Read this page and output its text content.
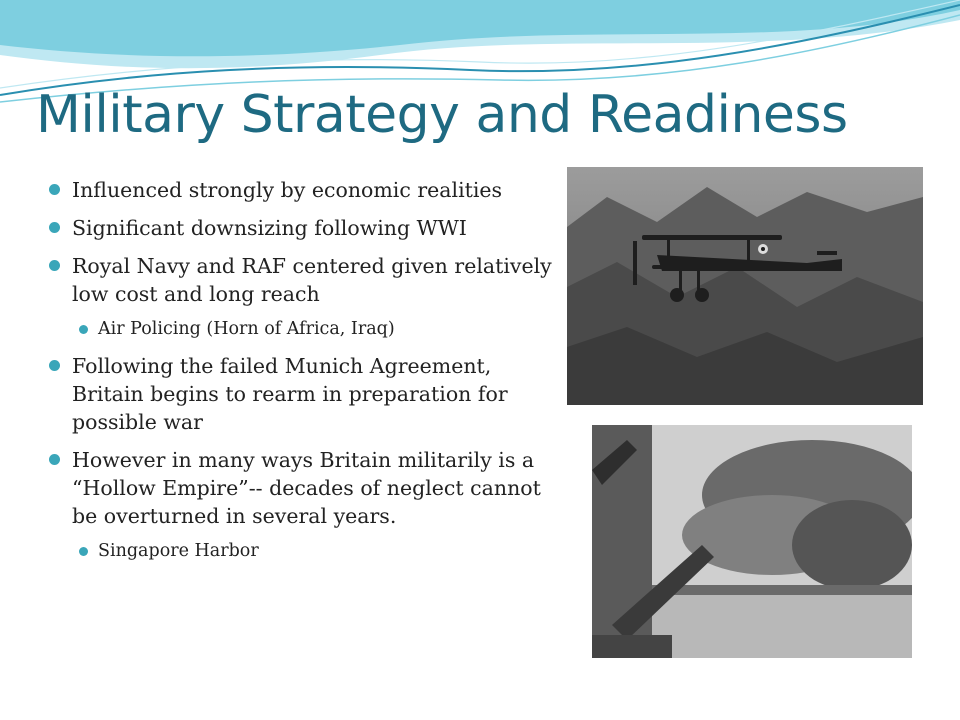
Military Strategy and Readiness
Influenced strongly by economic realities
Significant downsizing following WWI
Royal Navy and RAF centered given relatively low cost and long reach
Air Policing (Horn of Africa, Iraq)
Following the failed Munich Agreement, Britain begins to rearm in preparation for possible war
However in many ways Britain militarily is a “Hollow Empire”-- decades of neglect cannot be overturned in several years.
Singapore Harbor
